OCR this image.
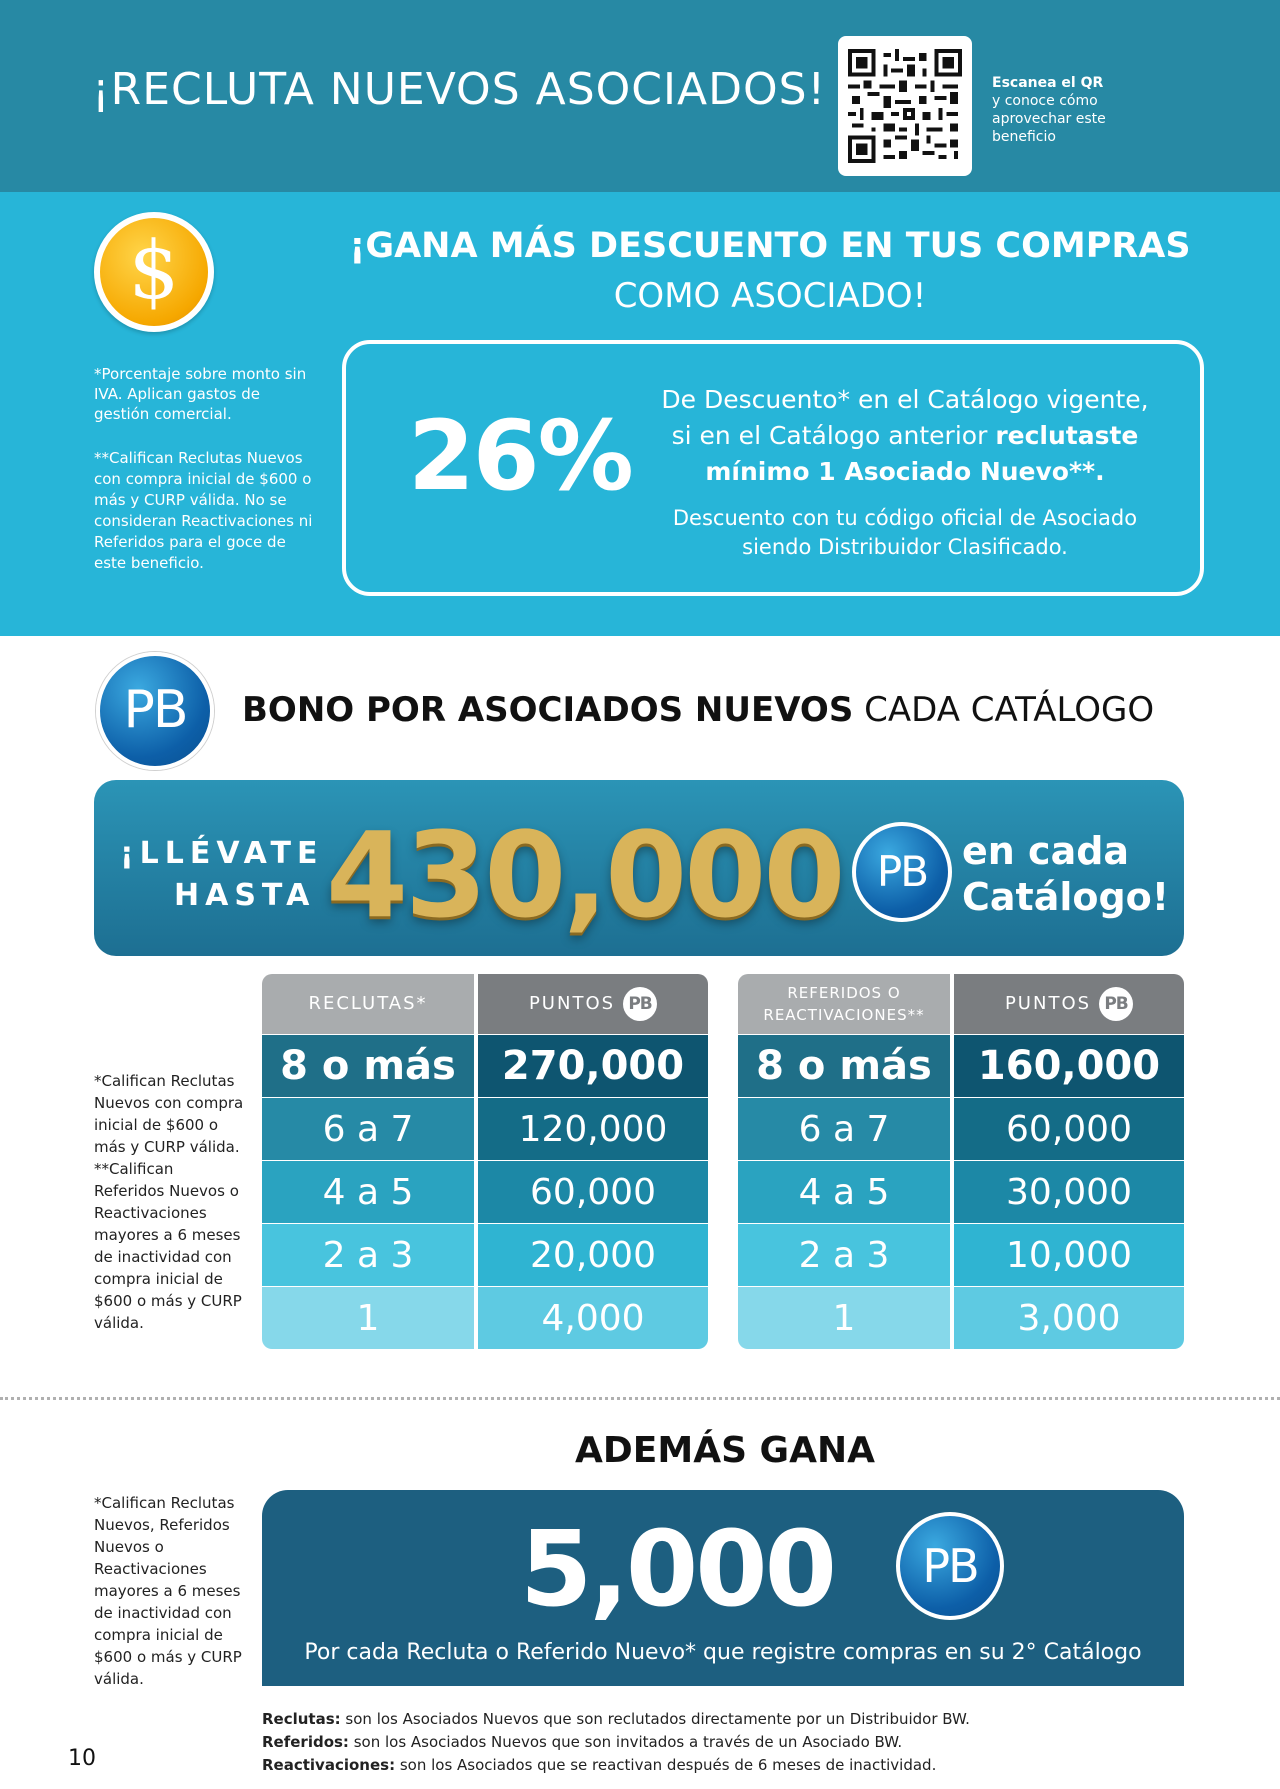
¡RECLUTA NUEVOS ASOCIADOS!	Escanea el QR
y conoce cómo aprovechar este beneficio
$	¡GANA MÁS DESCUENTO EN TUS COMPRAS
COMO ASOCIADO!
*Porcentaje sobre monto sin IVA. Aplican gastos de gestión comercial.
**Califican Reclutas Nuevos con compra inicial de $600 o más y CURP válida. No se consideran Reactivaciones ni Referidos para el goce de este beneficio.
26%
De Descuento* en el Catálogo vigente,
si en el Catálogo anterior reclutaste
mínimo 1 Asociado Nuevo**.
Descuento con tu código oficial de Asociado siendo Distribuidor Clasificado.
PB	BONO POR ASOCIADOS NUEVOS CADA CATÁLOGO
¡LLÉVATE
HASTA 430,000 PB en cada
Catálogo!
*Califican Reclutas Nuevos con compra inicial de $600 o más y CURP válida. **Califican Referidos Nuevos o Reactivaciones mayores a 6 meses de inactividad con compra inicial de $600 o más y CURP válida.
RECLUTAS*	PUNTOS PB
8 o más	270,000
6 a 7	120,000
4 a 5	60,000
2 a 3	20,000
1	4,000
REFERIDOS O REACTIVACIONES**
PUNTOS PB
8 o más	160,000
6 a 7	60,000
4 a 5	30,000
2 a 3	10,000
1	3,000
ADEMÁS GANA
*Califican Reclutas Nuevos, Referidos Nuevos o Reactivaciones mayores a 6 meses de inactividad con compra inicial de $600 o más y CURP válida.
5,000	PB
Por cada Recluta o Referido Nuevo* que registre compras en su 2° Catálogo
Reclutas: son los Asociados Nuevos que son reclutados directamente por un Distribuidor BW.
Referidos: son los Asociados Nuevos que son invitados a través de un Asociado BW.
Reactivaciones: son los Asociados que se reactivan después de 6 meses de inactividad.
10
